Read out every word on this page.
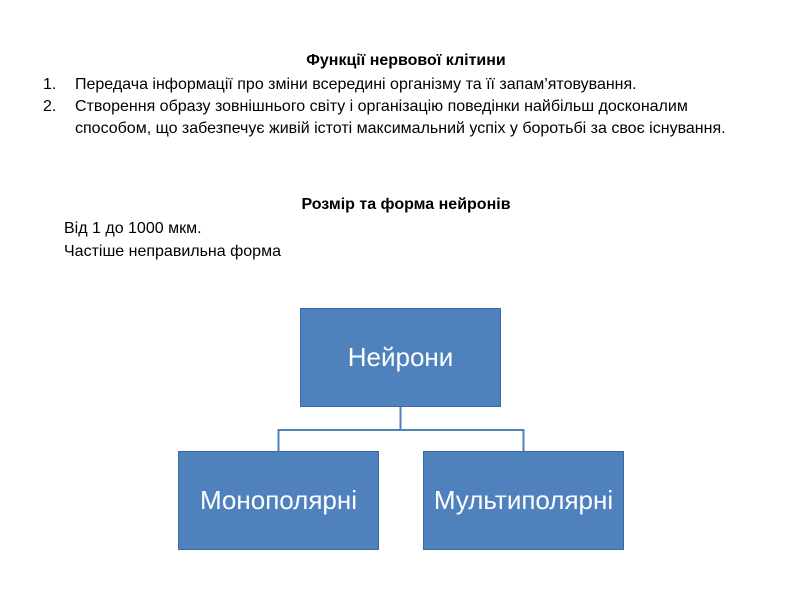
Функції нервової клітини
1. Передача інформації про зміни всередині організму та її запам’ятовування.
2. Створення образу зовнішнього світу і організацію поведінки найбільш досконалим способом, що забезпечує живій істоті максимальний успіх у боротьбі за своє існування.
Розмір та форма нейронів
Від 1 до 1000 мкм.
Частіше неправильна форма
Нейрони
Монополярні	Мультиполярні
